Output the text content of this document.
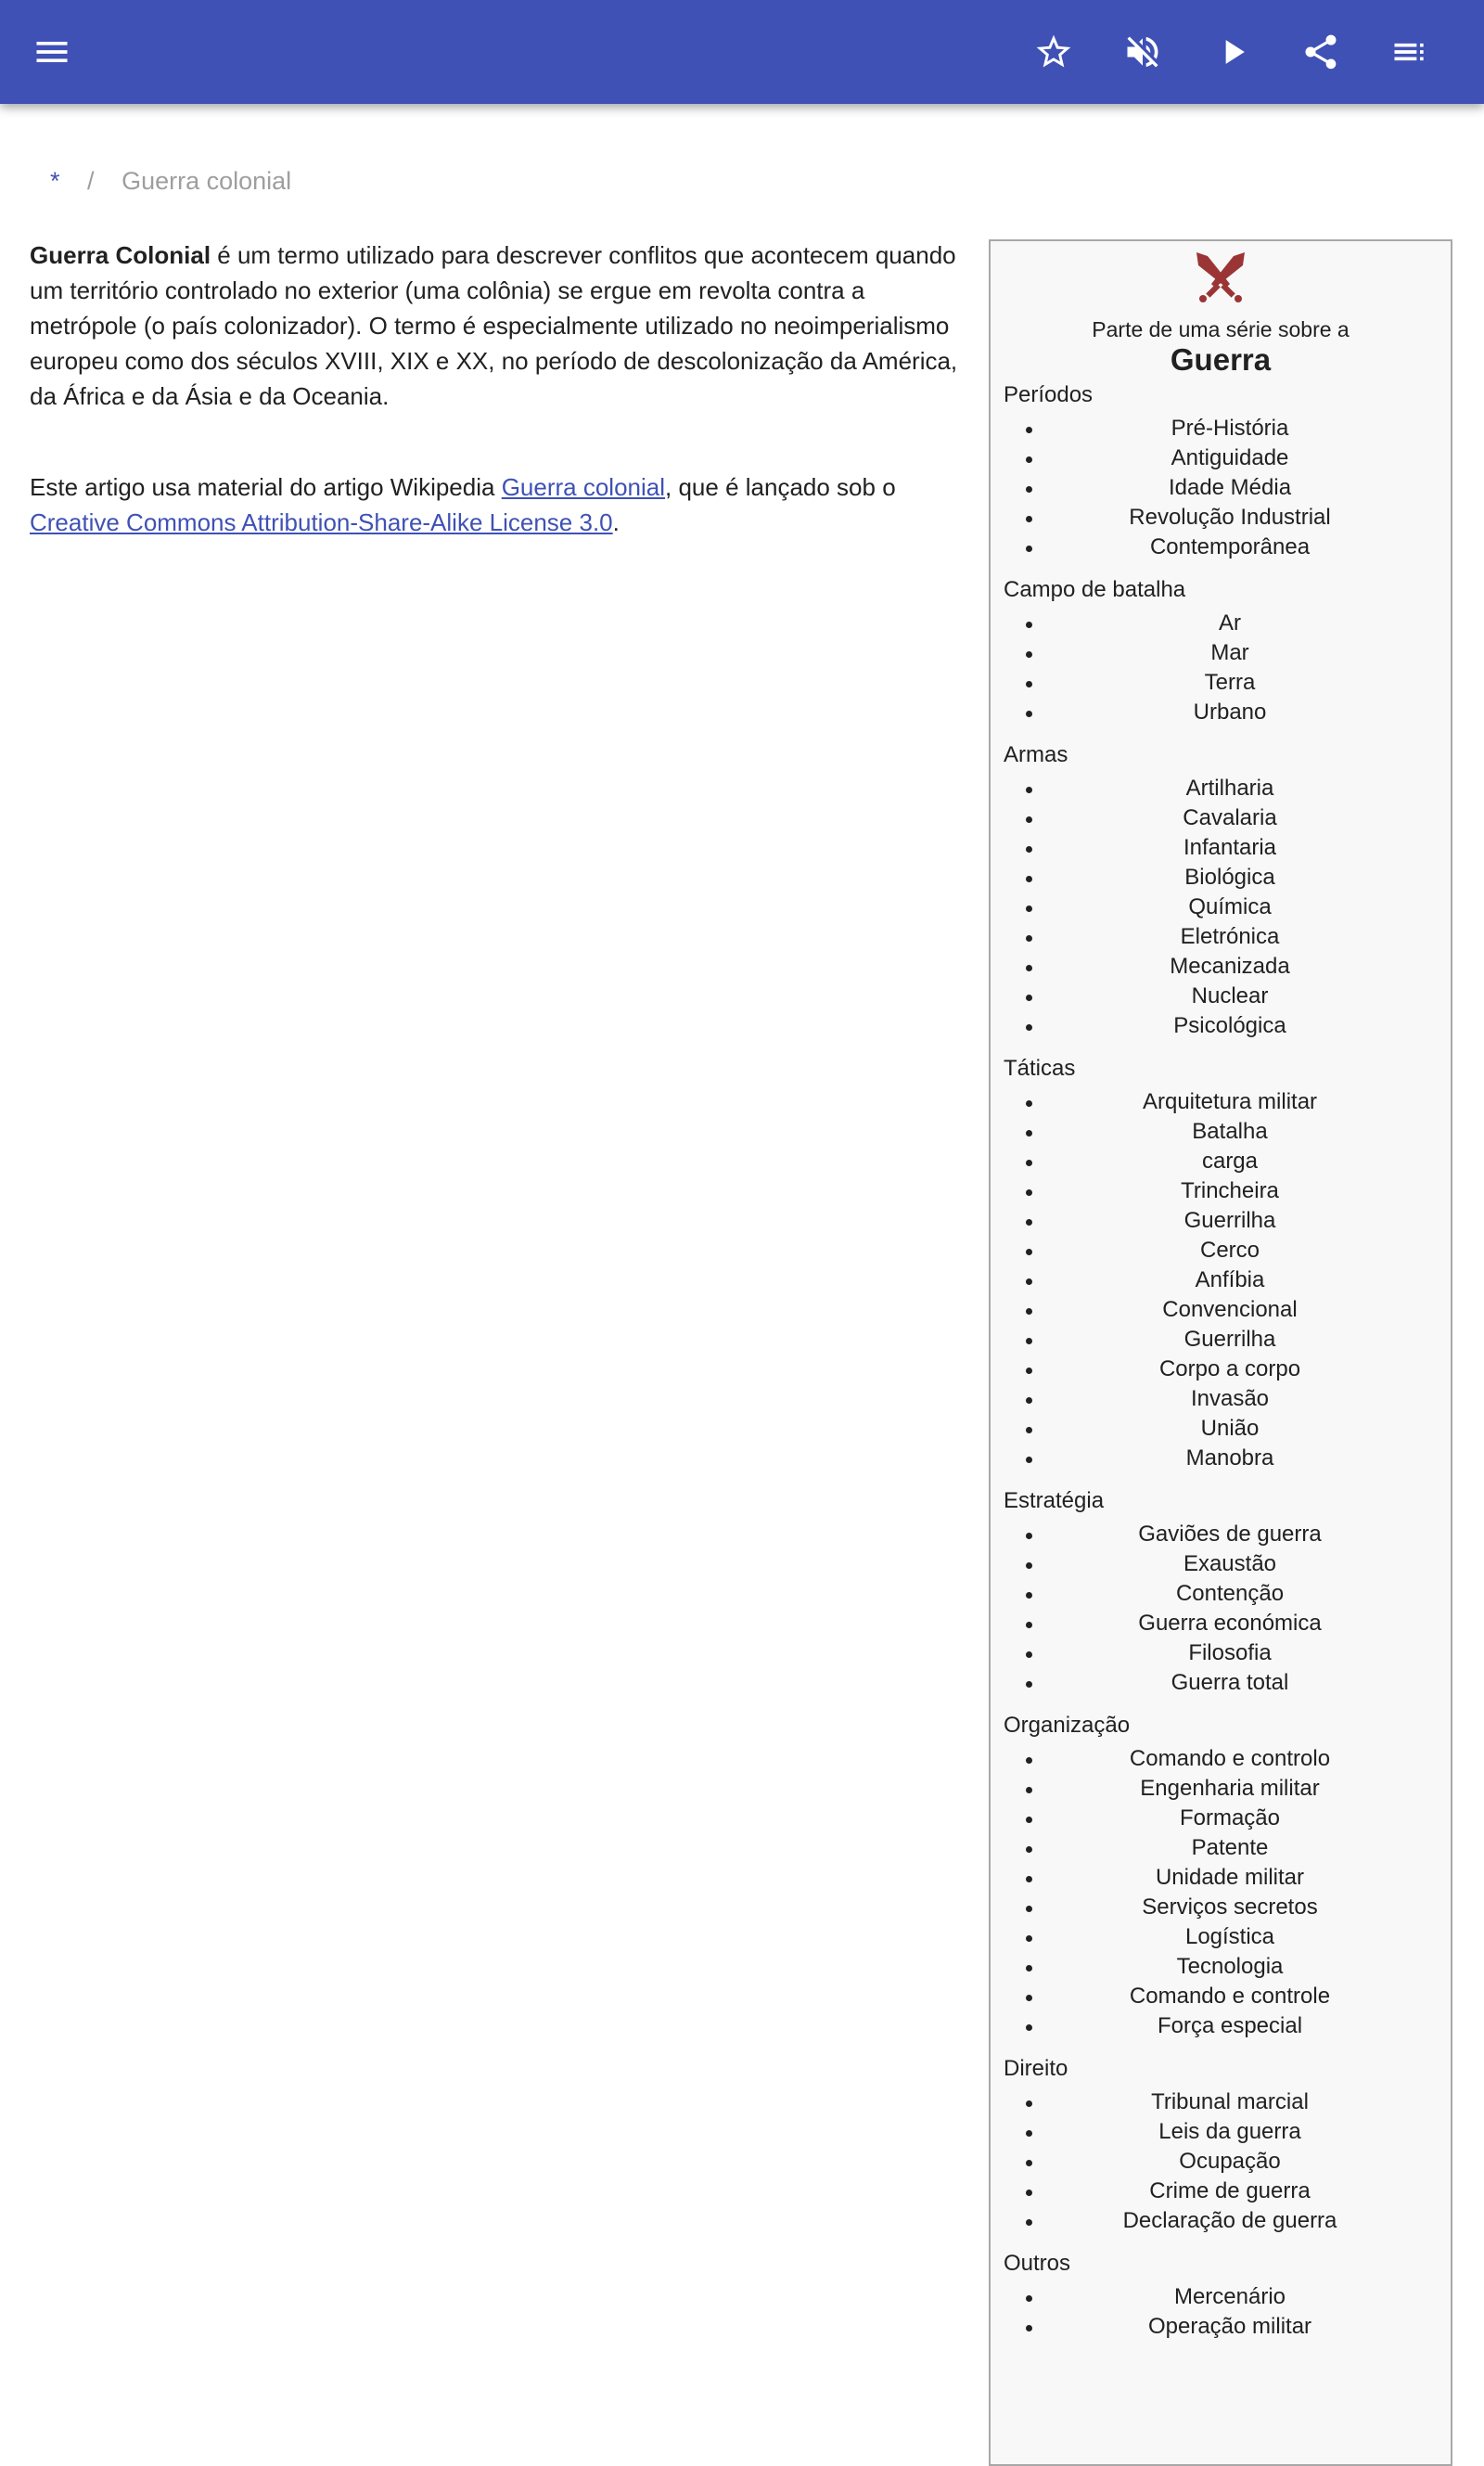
* / Guerra colonial

Guerra Colonial é um termo utilizado para descrever conflitos que acontecem quando um território controlado no exterior (uma colônia) se ergue em revolta contra a metrópole (o país colonizador). O termo é especialmente utilizado no neoimperialismo europeu como dos séculos XVIII, XIX e XX, no período de descolonização da América, da África e da Ásia e da Oceania.

Este artigo usa material do artigo Wikipedia Guerra colonial, que é lançado sob o Creative Commons Attribution-Share-Alike License 3.0.

Parte de uma série sobre a
Guerra
Períodos
Pré-História
Antiguidade
Idade Média
Revolução Industrial
Contemporânea
Campo de batalha
Ar
Mar
Terra
Urbano
Armas
Artilharia
Cavalaria
Infantaria
Biológica
Química
Eletrónica
Mecanizada
Nuclear
Psicológica
Táticas
Arquitetura militar
Batalha
carga
Trincheira
Guerrilha
Cerco
Anfíbia
Convencional
Guerrilha
Corpo a corpo
Invasão
União
Manobra
Estratégia
Gaviões de guerra
Exaustão
Contenção
Guerra económica
Filosofia
Guerra total
Organização
Comando e controlo
Engenharia militar
Formação
Patente
Unidade militar
Serviços secretos
Logística
Tecnologia
Comando e controle
Força especial
Direito
Tribunal marcial
Leis da guerra
Ocupação
Crime de guerra
Declaração de guerra
Outros
Mercenário
Operação militar
